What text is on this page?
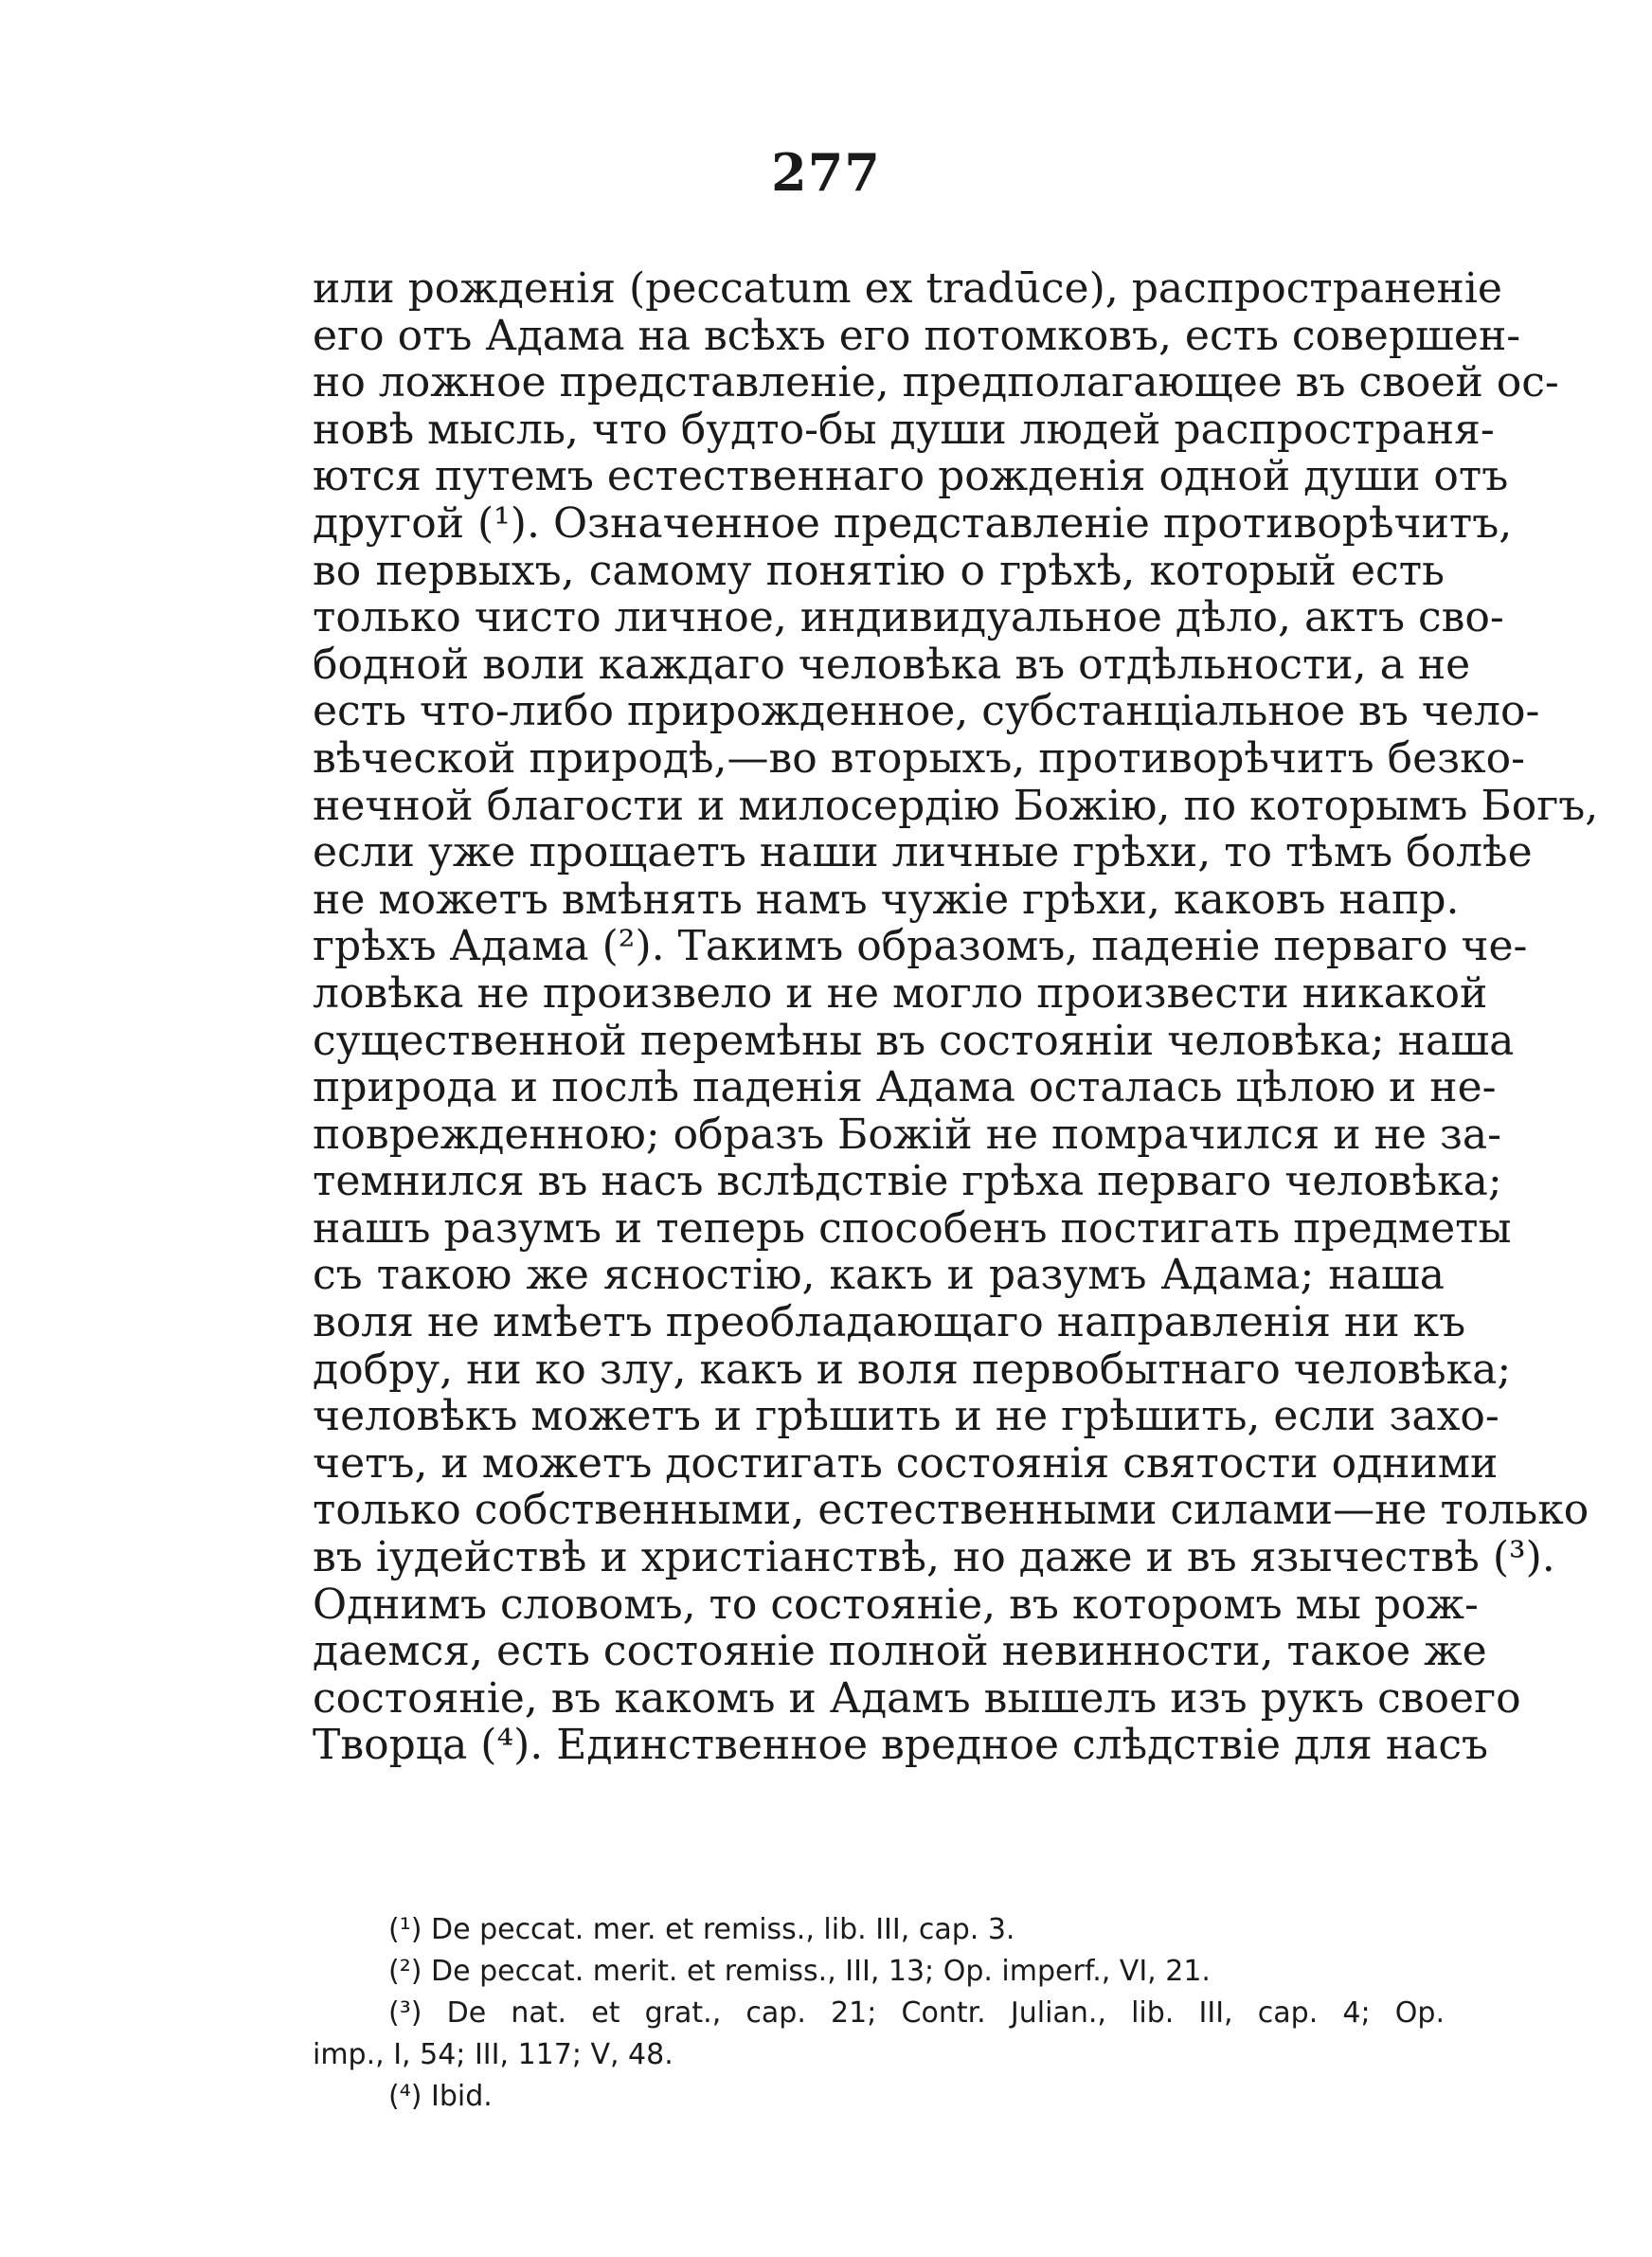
277
или рожденія (peccatum ex tradūce), распространеніе
его отъ Адама на всѣхъ его потомковъ, есть совершен-
но ложное представленіе, предполагающее въ своей ос-
новѣ мысль, что будто-бы души людей распространя-
ются путемъ естественнаго рожденія одной души отъ
другой (¹). Означенное представленіе противорѣчитъ,
во первыхъ, самому понятію о грѣхѣ, который есть
только чисто личное, индивидуальное дѣло, актъ сво-
бодной воли каждаго человѣка въ отдѣльности, а не
есть что-либо прирожденное, субстанціальное въ чело-
вѣческой природѣ,—во вторыхъ, противорѣчитъ безко-
нечной благости и милосердію Божію, по которымъ Богъ,
если уже прощаетъ наши личные грѣхи, то тѣмъ болѣе
не можетъ вмѣнять намъ чужіе грѣхи, каковъ напр.
грѣхъ Адама (²). Такимъ образомъ, паденіе перваго че-
ловѣка не произвело и не могло произвести никакой
существенной перемѣны въ состояніи человѣка; наша
природа и послѣ паденія Адама осталась цѣлою и не-
поврежденною; образъ Божій не помрачился и не за-
темнился въ насъ вслѣдствіе грѣха перваго человѣка;
нашъ разумъ и теперь способенъ постигать предметы
съ такою же ясностію, какъ и разумъ Адама; наша
воля не имѣетъ преобладающаго направленія ни къ
добру, ни ко злу, какъ и воля первобытнаго человѣка;
человѣкъ можетъ и грѣшить и не грѣшить, если захо-
четъ, и можетъ достигать состоянія святости одними
только собственными, естественными силами—не только
въ іудействѣ и христіанствѣ, но даже и въ язычествѣ (³).
Однимъ словомъ, то состояніе, въ которомъ мы рож-
даемся, есть состояніе полной невинности, такое же
состояніе, въ какомъ и Адамъ вышелъ изъ рукъ своего
Творца (⁴). Единственное вредное слѣдствіе для насъ
(¹) De peccat. mer. et remiss., lib. III, cap. 3.
(²) De peccat. merit. et remiss., III, 13; Op. imperf., VI, 21.
(³) De nat. et grat., cap. 21; Contr. Julian., lib. III, cap. 4; Op.
imp., I, 54; III, 117; V, 48.
(⁴) Ibid.
